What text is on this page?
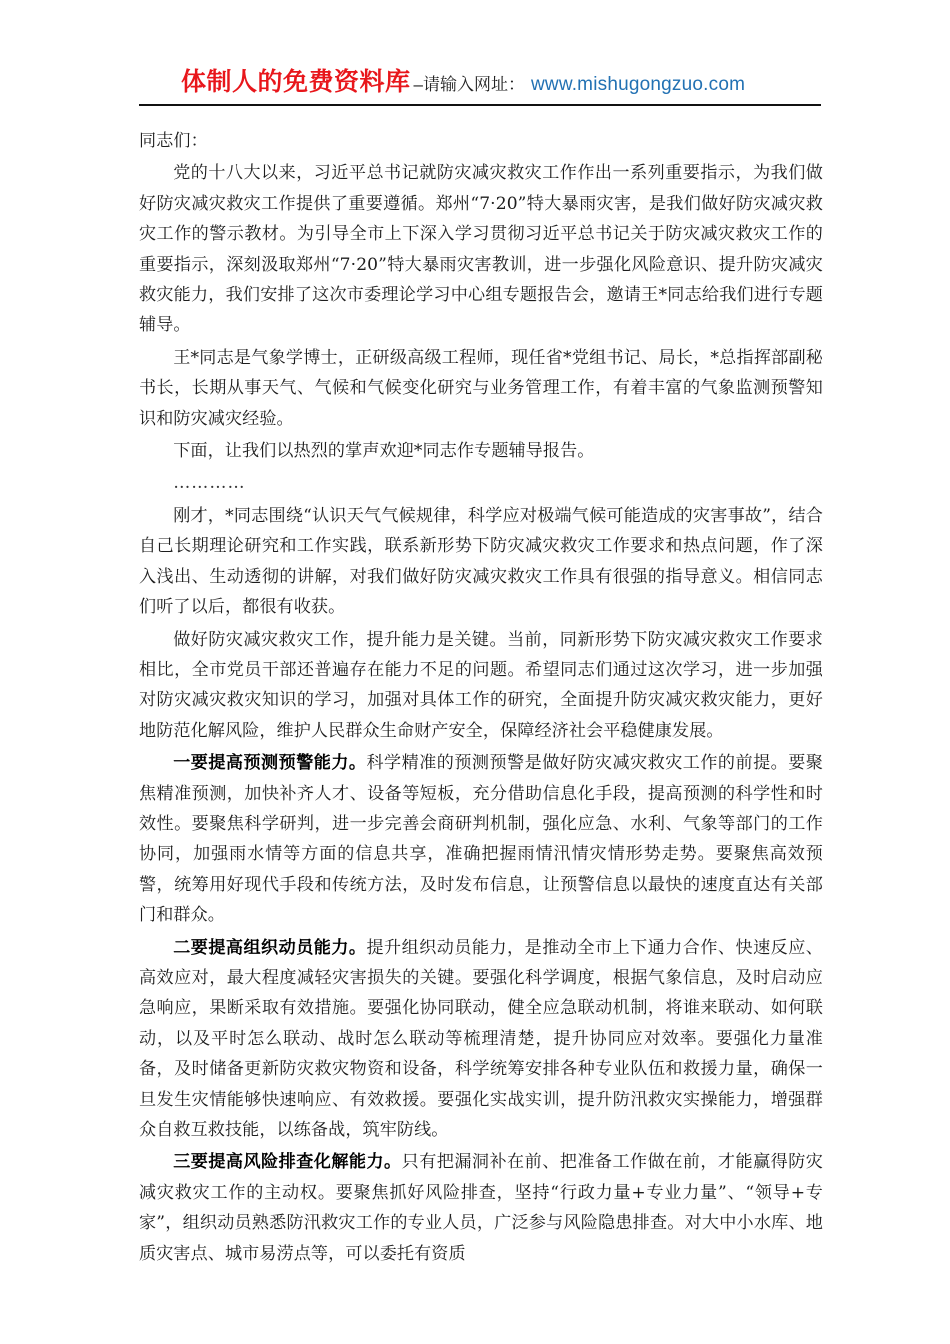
体制人的免费资料库 –请输入网址： www.mishugongzuo.com

同志们：

党的十八大以来，习近平总书记就防灾减灾救灾工作作出一系列重要指示，为我们做好防灾减灾救灾工作提供了重要遵循。郑州“7·20”特大暴雨灾害，是我们做好防灾减灾救灾工作的警示教材。为引导全市上下深入学习贯彻习近平总书记关于防灾减灾救灾工作的重要指示，深刻汲取郑州“7·20”特大暴雨灾害教训，进一步强化风险意识、提升防灾减灾救灾能力，我们安排了这次市委理论学习中心组专题报告会，邀请王*同志给我们进行专题辅导。

王*同志是气象学博士，正研级高级工程师，现任省*党组书记、局长，*总指挥部副秘书长，长期从事天气、气候和气候变化研究与业务管理工作，有着丰富的气象监测预警知识和防灾减灾经验。

下面，让我们以热烈的掌声欢迎*同志作专题辅导报告。

…………

刚才，*同志围绕“认识天气气候规律，科学应对极端气候可能造成的灾害事故”，结合自己长期理论研究和工作实践，联系新形势下防灾减灾救灾工作要求和热点问题，作了深入浅出、生动透彻的讲解，对我们做好防灾减灾救灾工作具有很强的指导意义。相信同志们听了以后，都很有收获。

做好防灾减灾救灾工作，提升能力是关键。当前，同新形势下防灾减灾救灾工作要求相比，全市党员干部还普遍存在能力不足的问题。希望同志们通过这次学习，进一步加强对防灾减灾救灾知识的学习，加强对具体工作的研究，全面提升防灾减灾救灾能力，更好地防范化解风险，维护人民群众生命财产安全，保障经济社会平稳健康发展。

一要提高预测预警能力。科学精准的预测预警是做好防灾减灾救灾工作的前提。要聚焦精准预测，加快补齐人才、设备等短板，充分借助信息化手段，提高预测的科学性和时效性。要聚焦科学研判，进一步完善会商研判机制，强化应急、水利、气象等部门的工作协同，加强雨水情等方面的信息共享，准确把握雨情汛情灾情形势走势。要聚焦高效预警，统筹用好现代手段和传统方法，及时发布信息，让预警信息以最快的速度直达有关部门和群众。

二要提高组织动员能力。提升组织动员能力，是推动全市上下通力合作、快速反应、高效应对，最大程度减轻灾害损失的关键。要强化科学调度，根据气象信息，及时启动应急响应，果断采取有效措施。要强化协同联动，健全应急联动机制，将谁来联动、如何联动，以及平时怎么联动、战时怎么联动等梳理清楚，提升协同应对效率。要强化力量准备，及时储备更新防灾救灾物资和设备，科学统筹安排各种专业队伍和救援力量，确保一旦发生灾情能够快速响应、有效救援。要强化实战实训，提升防汛救灾实操能力，增强群众自救互救技能，以练备战，筑牢防线。

三要提高风险排查化解能力。只有把漏洞补在前、把准备工作做在前，才能赢得防灾减灾救灾工作的主动权。要聚焦抓好风险排查，坚持“行政力量+专业力量”、“领导+专家”，组织动员熟悉防汛救灾工作的专业人员，广泛参与风险隐患排查。对大中小水库、地质灾害点、城市易涝点等，可以委托有资质
